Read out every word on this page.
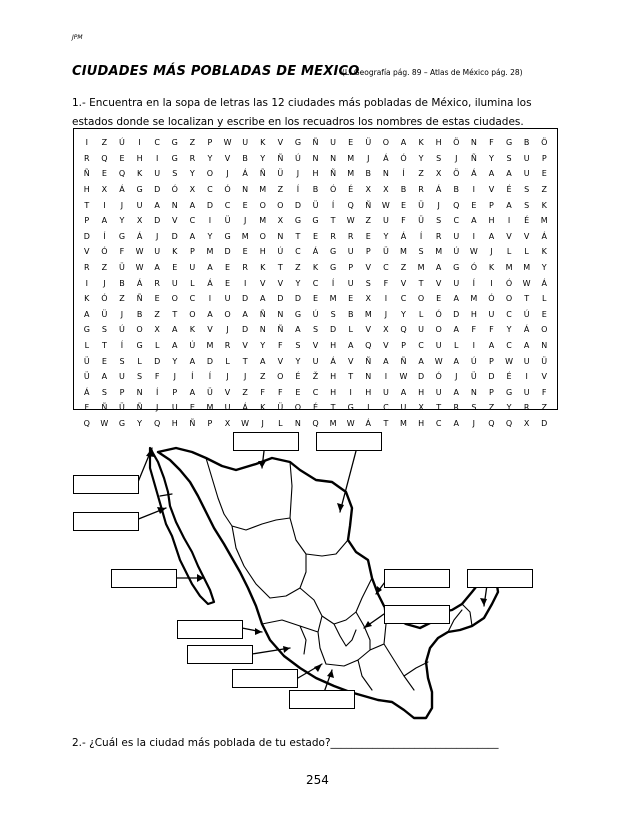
JPM
CIUDADES MÁS POBLADAS DE MEXICO
(L. Geografía pág. 89 – Atlas de México pág. 28)
1.- Encuentra en la sopa de letras las 12 ciudades más pobladas de México, ilumina los estados donde se localizan y escribe en los recuadros los nombres de estas ciudades.
I	Z	Ú	I	C	G	Z	P	W	U	K	V	G	Ñ	U	E	Ü	O	A	K	H	Ö	N	F	G	B	Ö
R	Q	E	H	I	G	R	Y	V	B	Y	Ñ	Ú	N	N	M	J	Á	Ó	Y	S	J	Ñ	Y	S	U	P
Ñ	E	Q	K	U	S	Y	O	J	Á	Ñ	Ü	J	H	Ñ	M	B	N	Í	Z	X	Ö	Á	A	A	U	E
H	X	Á	G	D	Ó	X	C	Ó	N	M	Z	Í	B	Ó	É	X	X	B	R	Á	B	I	V	É	S	Z
T	I	J	U	A	N	A	D	C	E	O	O	D	Ü	Í	Q	Ñ	W	E	Ü	J	Q	E	P	A	S	K
P	A	Y	X	D	V	C	I	Ü	J	M	X	G	G	T	W	Z	U	F	Ü	S	C	A	H	I	É	M
D	Í	G	Á	J	D	A	Y	G	M	O	N	T	E	R	R	E	Y	Á	Í	R	U	I	A	V	V	Á
V	Ó	F	W	U	K	P	M	D	E	H	Ú	C	Á	G	U	P	Ü	M	S	M	Ú	W	J	L	L	K
R	Z	Ü	W	A	E	U	A	E	R	K	T	Z	K	G	P	V	C	Z	M	A	G	Ó	K	M	M	Y
I	J	B	Á	R	U	L	Á	E	I	V	V	Y	C	Í	U	S	F	V	T	V	U	Í	I	Ó	W	Á
K	Ó	Z	Ñ	E	O	C	I	U	D	A	D	D	E	M	E	X	I	C	O	E	A	M	Ó	O	T	L
A	Ü	J	B	Z	T	O	A	O	A	Ñ	N	G	Ú	S	B	M	J	Y	L	Ó	D	H	U	C	Ú	E
G	S	Ú	O	X	A	K	V	J	D	N	Ñ	A	S	D	L	V	X	Q	U	O	A	F	F	Y	Á	O
L	T	Í	G	L	A	Ú	M	R	V	Y	F	S	V	H	A	Q	V	P	C	U	L	I	A	C	A	N
Ü	E	S	L	D	Y	A	D	L	T	A	V	Y	U	Á	V	Ñ	A	Ñ	A	W	A	Ú	P	W	U	Ü
Ü	A	U	S	F	J	Í	Í	J	J	Z	O	É	Ž	H	T	N	I	W	D	Ó	J	Ü	D	É	I	V
Á	S	P	N	Í	P	A	Ü	V	Z	F	F	E	C	H	I	H	U	A	H	U	A	N	P	G	U	F
F	Ñ	Ü	Ñ	J	U	E	M	U	Á	K	Ü	O	É	T	G	I	C	U	X	T	R	S	Z	Y	R	Z
Q	W	G	Y	Q	H	Ñ	P	X	W	J	L	N	Q	M	W	Á	T	M	H	C	A	J	Q	Q	X	D
2.- ¿Cuál es la ciudad más poblada de tu estado?________________________________
254
